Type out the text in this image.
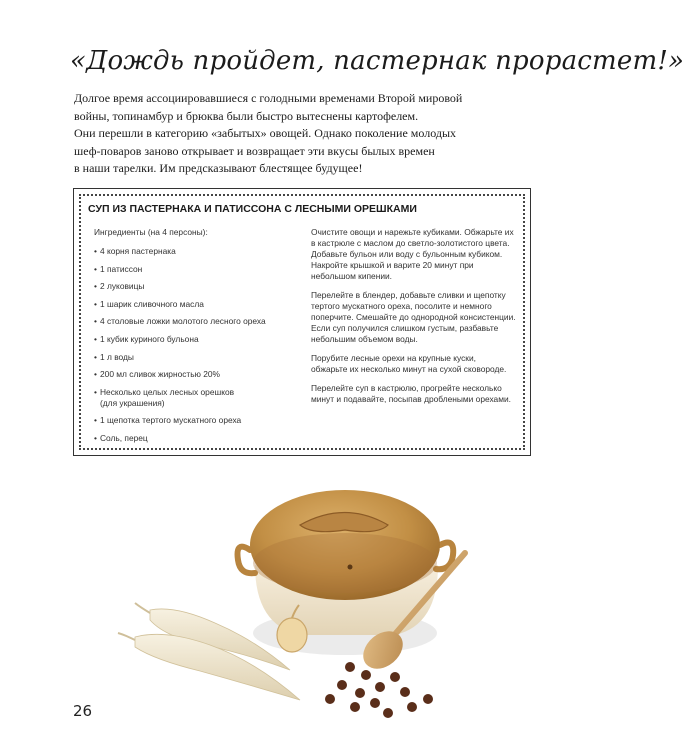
«Дождь пройдет, пастернак прорастет!»
Долгое время ассоциировавшиеся с голодными временами Второй мировой
войны, топинамбур и брюква были быстро вытеснены картофелем.
Они перешли в категорию «забытых» овощей. Однако поколение молодых
шеф-поваров заново открывает и возвращает эти вкусы былых времен
в наши тарелки. Им предсказывают блестящее будущее!
СУП ИЗ ПАСТЕРНАКА И ПАТИССОНА С ЛЕСНЫМИ ОРЕШКАМИ
Ингредиенты (на 4 персоны):
• 4 корня пастернака
• 1 патиссон
• 2 луковицы
• 1 шарик сливочного масла
• 4 столовые ложки молотого лесного ореха
• 1 кубик куриного бульона
• 1 л воды
• 200 мл сливок жирностью 20%
• Несколько целых лесных орешков
(для украшения)
• 1 щепотка тертого мускатного ореха
• Соль, перец
Очистите овощи и нарежьте кубиками. Обжарьте их
в кастрюле с маслом до светло-золотистого цвета.
Добавьте бульон или воду с бульонным кубиком.
Накройте крышкой и варите 20 минут при
небольшом кипении.
Перелейте в блендер, добавьте сливки и щепотку
тертого мускатного ореха, посолите и немного
поперчите. Смешайте до однородной консистенции.
Если суп получился слишком густым, разбавьте
небольшим объемом воды.
Порубите лесные орехи на крупные куски,
обжарьте их несколько минут на сухой сковороде.
Перелейте суп в кастрюлю, прогрейте несколько
минут и подавайте, посыпав дроблеными орехами.
26
